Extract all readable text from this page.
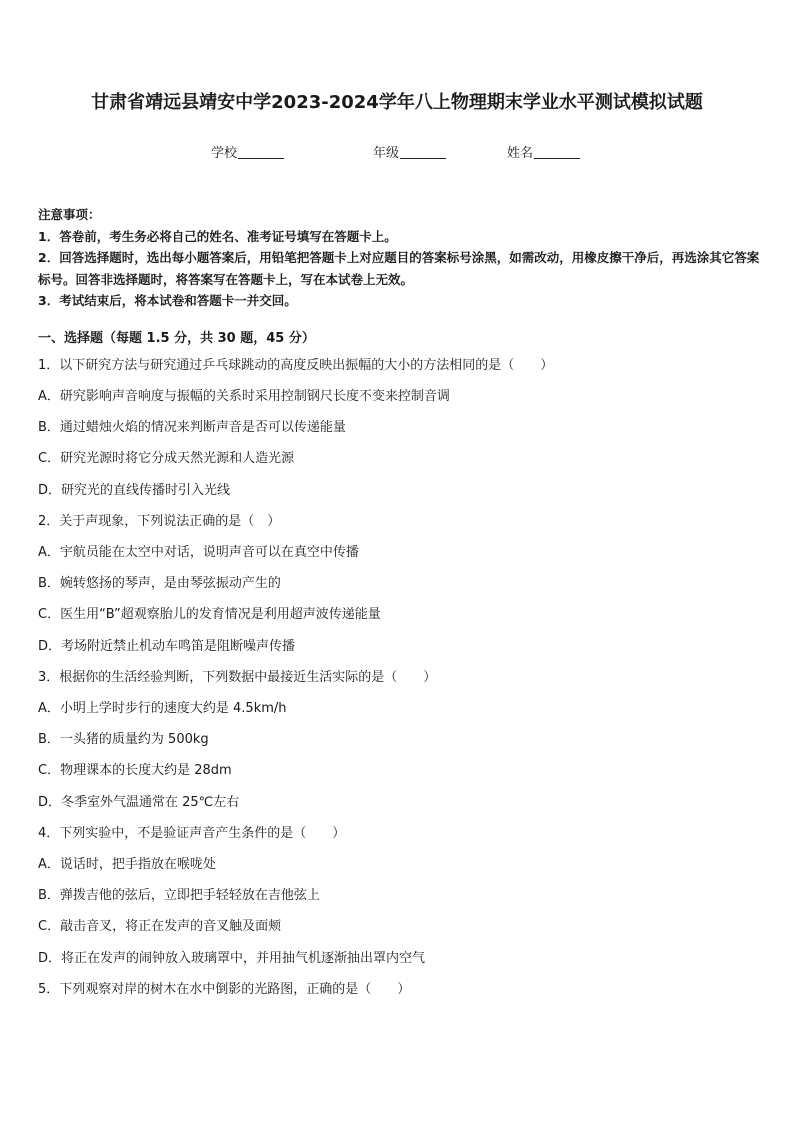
甘肃省靖远县靖安中学2023-2024学年八上物理期末学业水平测试模拟试题
学校	年级	姓名

注意事项：

1．答卷前，考生务必将自己的姓名、准考证号填写在答题卡上。

2．回答选择题时，选出每小题答案后，用铅笔把答题卡上对应题目的答案标号涂黑，如需改动，用橡皮擦干净后，再选涂其它答案标号。回答非选择题时，将答案写在答题卡上，写在本试卷上无效。

3．考试结束后，将本试卷和答题卡一并交回。

一、选择题（每题 1.5 分，共 30 题，45 分）
1．以下研究方法与研究通过乒乓球跳动的高度反映出振幅的大小的方法相同的是（　　）
A．研究影响声音响度与振幅的关系时采用控制钢尺长度不变来控制音调
B．通过蜡烛火焰的情况来判断声音是否可以传递能量
C．研究光源时将它分成天然光源和人造光源
D．研究光的直线传播时引入光线
2．关于声现象，下列说法正确的是（　）
A．宇航员能在太空中对话，说明声音可以在真空中传播
B．婉转悠扬的琴声，是由琴弦振动产生的
C．医生用“B”超观察胎儿的发育情况是利用超声波传递能量
D．考场附近禁止机动车鸣笛是阻断噪声传播
3．根据你的生活经验判断，下列数据中最接近生活实际的是（　　）
A．小明上学时步行的速度大约是 4.5km/h
B．一头猪的质量约为 500kg
C．物理课本的长度大约是 28dm
D．冬季室外气温通常在 25℃左右
4．下列实验中，不是验证声音产生条件的是（　　）
A．说话时，把手指放在喉咙处
B．弹拨吉他的弦后，立即把手轻轻放在吉他弦上
C．敲击音叉，将正在发声的音叉触及面颊
D．将正在发声的闹钟放入玻璃罩中，并用抽气机逐渐抽出罩内空气
5．下列观察对岸的树木在水中倒影的光路图，正确的是（　　）
